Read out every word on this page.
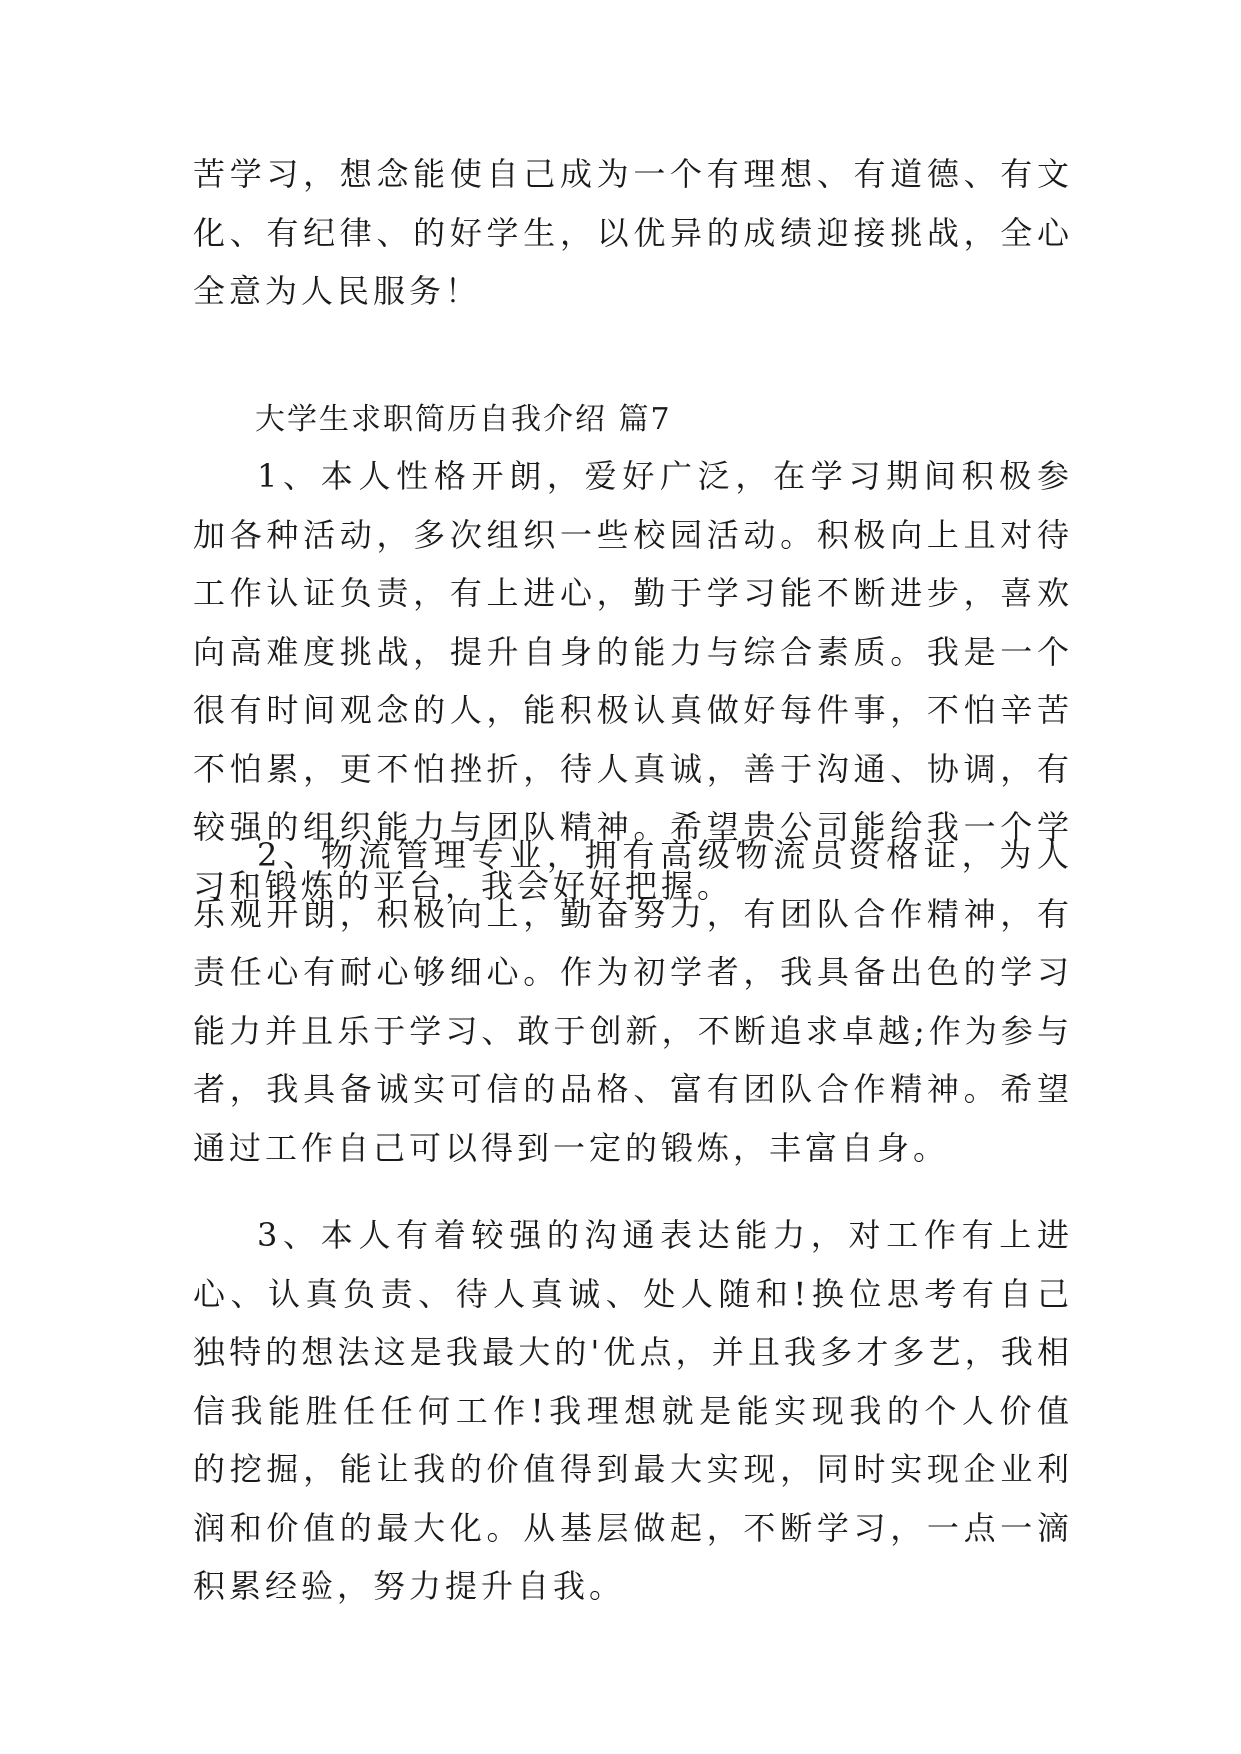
苦学习，想念能使自己成为一个有理想、有道德、有文化、有纪律、的好学生，以优异的成绩迎接挑战，全心全意为人民服务！

大学生求职简历自我介绍 篇7

1、本人性格开朗，爱好广泛，在学习期间积极参加各种活动，多次组织一些校园活动。积极向上且对待工作认证负责，有上进心，勤于学习能不断进步，喜欢向高难度挑战，提升自身的能力与综合素质。我是一个很有时间观念的人，能积极认真做好每件事，不怕辛苦不怕累，更不怕挫折，待人真诚，善于沟通、协调，有较强的组织能力与团队精神。希望贵公司能给我一个学习和锻炼的平台，我会好好把握。

2、物流管理专业，拥有高级物流员资格证，为人乐观开朗，积极向上，勤奋努力，有团队合作精神，有责任心有耐心够细心。作为初学者，我具备出色的学习能力并且乐于学习、敢于创新，不断追求卓越;作为参与者，我具备诚实可信的品格、富有团队合作精神。希望通过工作自己可以得到一定的锻炼，丰富自身。

3、本人有着较强的沟通表达能力，对工作有上进心、认真负责、待人真诚、处人随和!换位思考有自己独特的想法这是我最大的'优点，并且我多才多艺，我相信我能胜任任何工作!我理想就是能实现我的个人价值的挖掘，能让我的价值得到最大实现，同时实现企业利润和价值的最大化。从基层做起，不断学习，一点一滴积累经验，努力提升自我。
